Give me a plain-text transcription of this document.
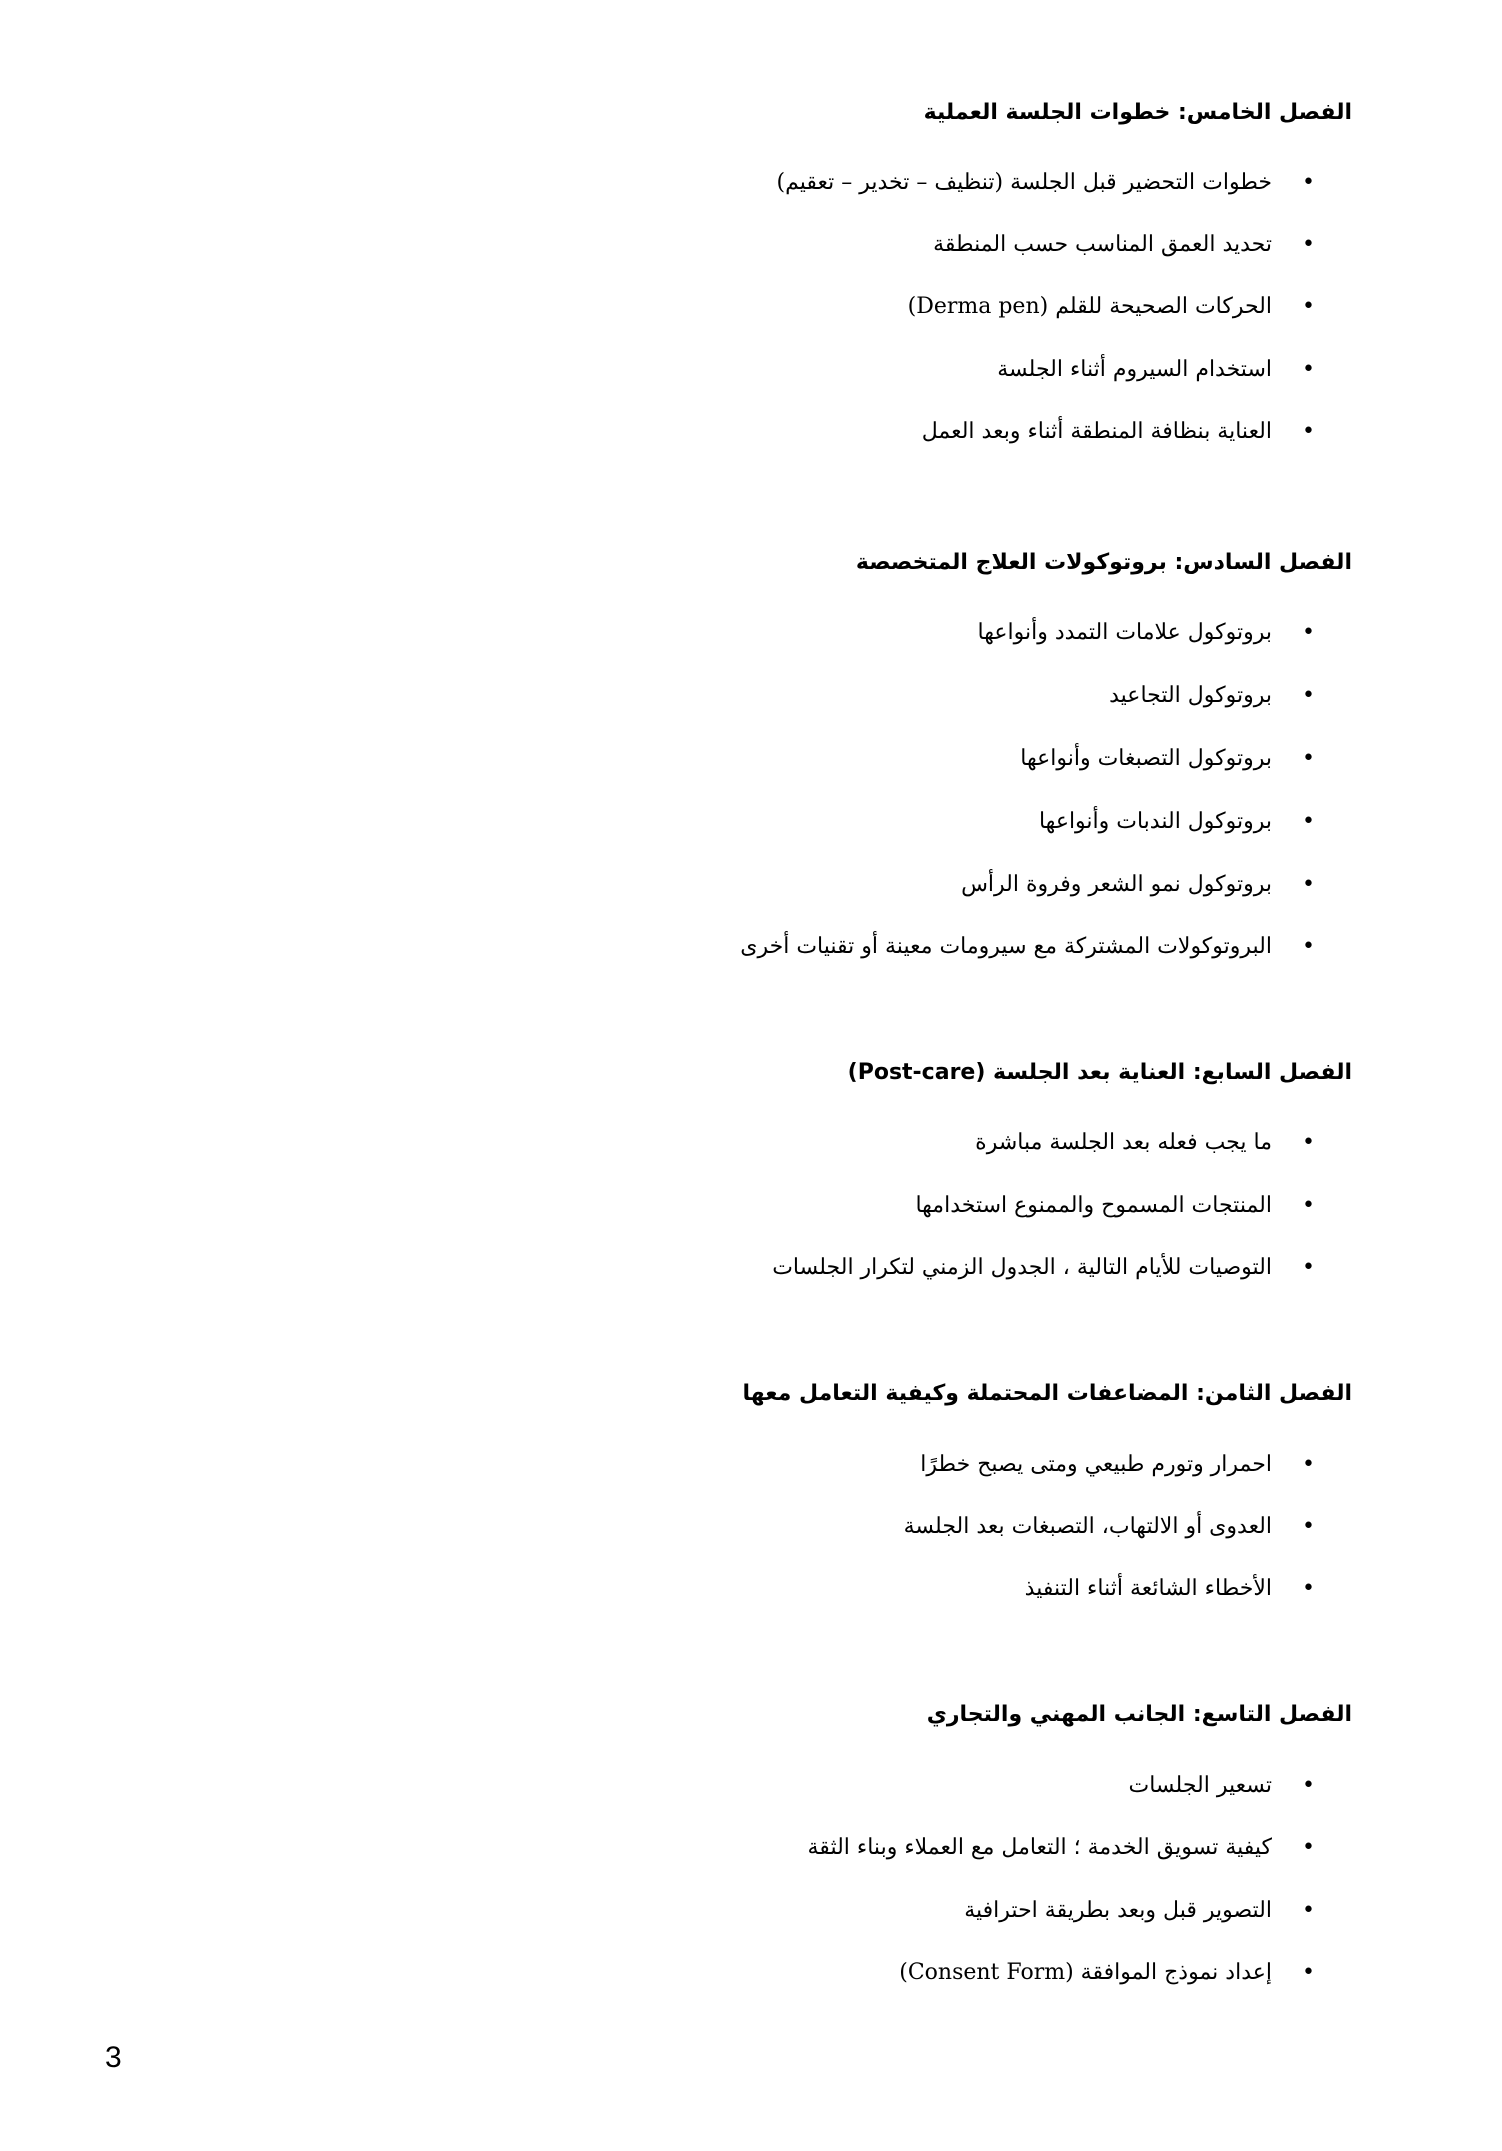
الفصل الخامس: خطوات الجلسة العملية
•
خطوات التحضير قبل الجلسة (تنظيف – تخدير – تعقيم)
•
تحديد العمق المناسب حسب المنطقة
•
الحركات الصحيحة للقلم (Derma pen)
•
استخدام السيروم أثناء الجلسة
•
العناية بنظافة المنطقة أثناء وبعد العمل
الفصل السادس: بروتوكولات العلاج المتخصصة
•
بروتوكول علامات التمدد وأنواعها
•
بروتوكول التجاعيد
•
بروتوكول التصبغات وأنواعها
•
بروتوكول الندبات وأنواعها
•
بروتوكول نمو الشعر وفروة الرأس
•
البروتوكولات المشتركة مع سيرومات معينة أو تقنيات أخرى
الفصل السابع: العناية بعد الجلسة (Post-care)
•
ما يجب فعله بعد الجلسة مباشرة
•
المنتجات المسموح والممنوع استخدامها
•
التوصيات للأيام التالية ، الجدول الزمني لتكرار الجلسات
الفصل الثامن: المضاعفات المحتملة وكيفية التعامل معها
•
احمرار وتورم طبيعي ومتى يصبح خطرًا
•
العدوى أو الالتهاب، التصبغات بعد الجلسة
•
الأخطاء الشائعة أثناء التنفيذ
الفصل التاسع: الجانب المهني والتجاري
•
تسعير الجلسات
•
كيفية تسويق الخدمة ؛ التعامل مع العملاء وبناء الثقة
•
التصوير قبل وبعد بطريقة احترافية
•
إعداد نموذج الموافقة (Consent Form)
3
